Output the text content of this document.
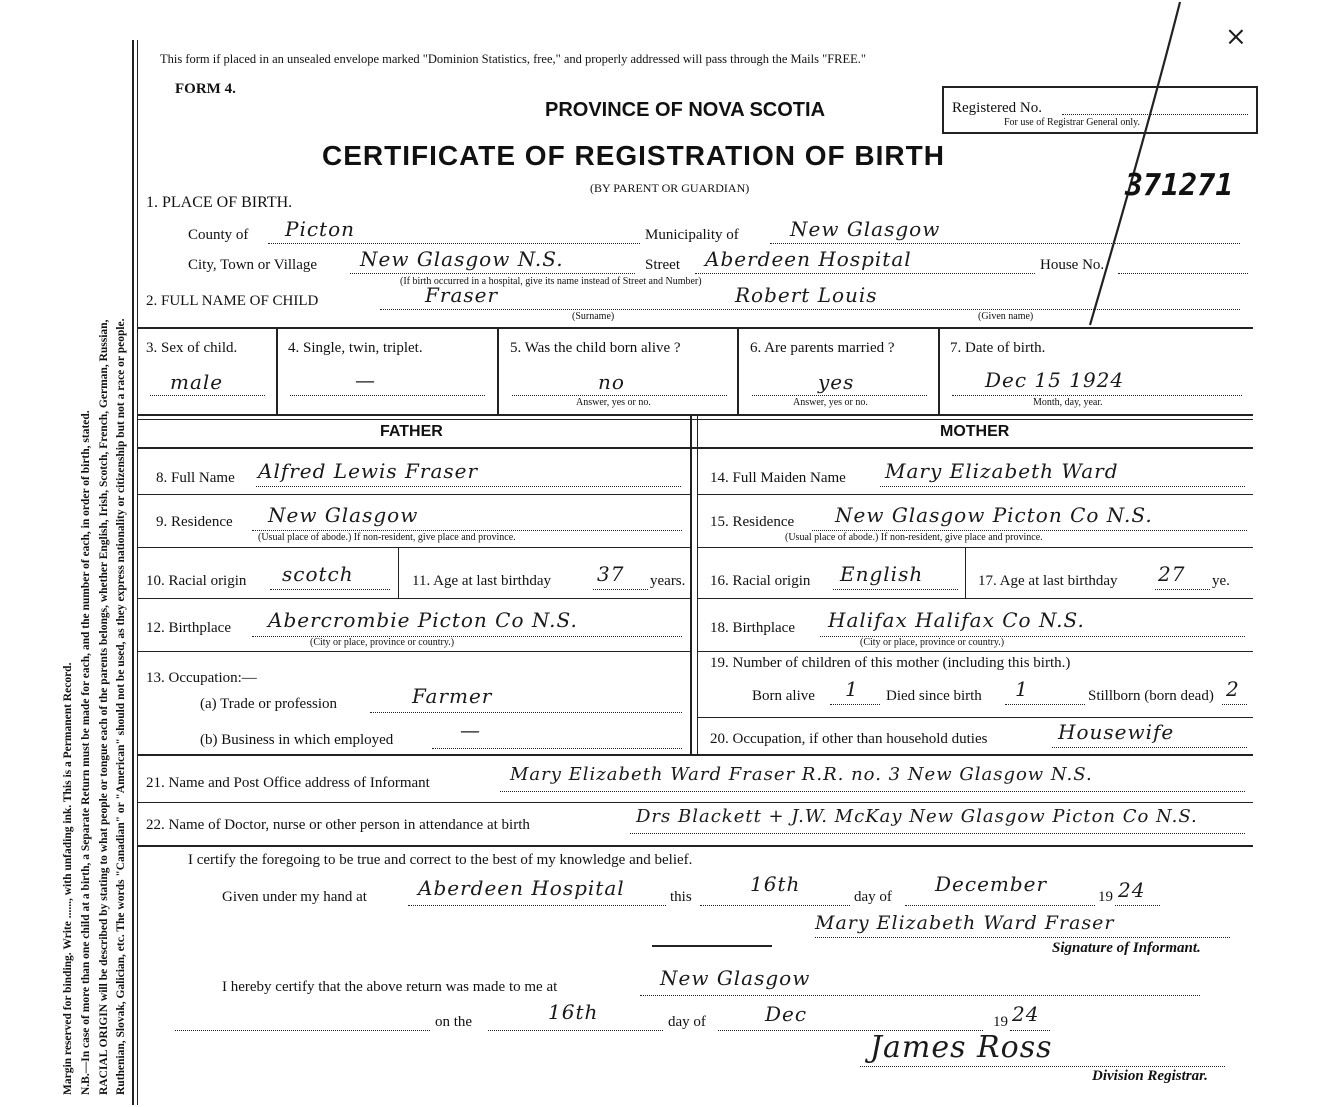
Margin reserved for binding. Write ......, with unfading ink. This is a Permanent Record. N.B.—In case of more than one child at a birth, a Separate Return must be made for each, and the number of each, in order of birth, stated. RACIAL ORIGIN will be described by stating to what people or tongue each of the parents belongs, whether English, Irish, Scotch, French, German, Russian, Ruthenian, Slovak, Galician, etc. The words "Canadian" or "American" should not be used, as they express nationality or citizenship but not a race or people.
×
This form if placed in an unsealed envelope marked "Dominion Statistics, free," and properly addressed will pass through the Mails "FREE."
FORM 4.
PROVINCE OF NOVA SCOTIA
CERTIFICATE OF REGISTRATION OF BIRTH
(BY PARENT OR GUARDIAN)
Registered No.
For use of Registrar General only.
371271
1. PLACE OF BIRTH.
County of Picton	Municipality of	New Glasgow
City, Town or Village New Glasgow N.S.	Street Aberdeen Hospital	House No.
(If birth occurred in a hospital, give its name instead of Street and Number)
2. FULL NAME OF CHILD	Fraser	Robert Louis
(Surname)	(Given name)
3. Sex of child.
male
4. Single, twin, triplet.
—
5. Was the child born alive ?
no
Answer, yes or no.
6. Are parents married ?
yes
Answer, yes or no.
7. Date of birth.
Dec 15 1924
Month, day, year.
FATHER	MOTHER
8. Full Name Alfred Lewis Fraser
9. Residence New Glasgow
(Usual place of abode.) If non-resident, give place and province.
10. Racial origin scotch	11. Age at last birthday 37 years.
12. Birthplace Abercrombie Picton Co N.S.
(City or place, province or country.)
13. Occupation:—
(a) Trade or profession	Farmer
(b) Business in which employed	—
14. Full Maiden Name Mary Elizabeth Ward
15. Residence New Glasgow Picton Co N.S.
(Usual place of abode.) If non-resident, give place and province.
16. Racial origin English	17. Age at last birthday 27 ye.
18. Birthplace Halifax Halifax Co N.S.
(City or place, province or country.)
19. Number of children of this mother (including this birth.)
Born alive 1 Died since birth 1	Stillborn (born dead) 2
20. Occupation, if other than household duties	Housewife
21. Name and Post Office address of Informant	Mary Elizabeth Ward Fraser R.R. no. 3 New Glasgow N.S.
22. Name of Doctor, nurse or other person in attendance at birth	Drs Blackett + J.W. McKay New Glasgow Picton Co N.S.
I certify the foregoing to be true and correct to the best of my knowledge and belief.
Given under my hand at	Aberdeen Hospital	this
16th
day of
December
19 24
Mary Elizabeth Ward Fraser
Signature of Informant.
I hereby certify that the above return was made to me at	New Glasgow
on the	16th	day of	Dec	19 24
James Ross
Division Registrar.
